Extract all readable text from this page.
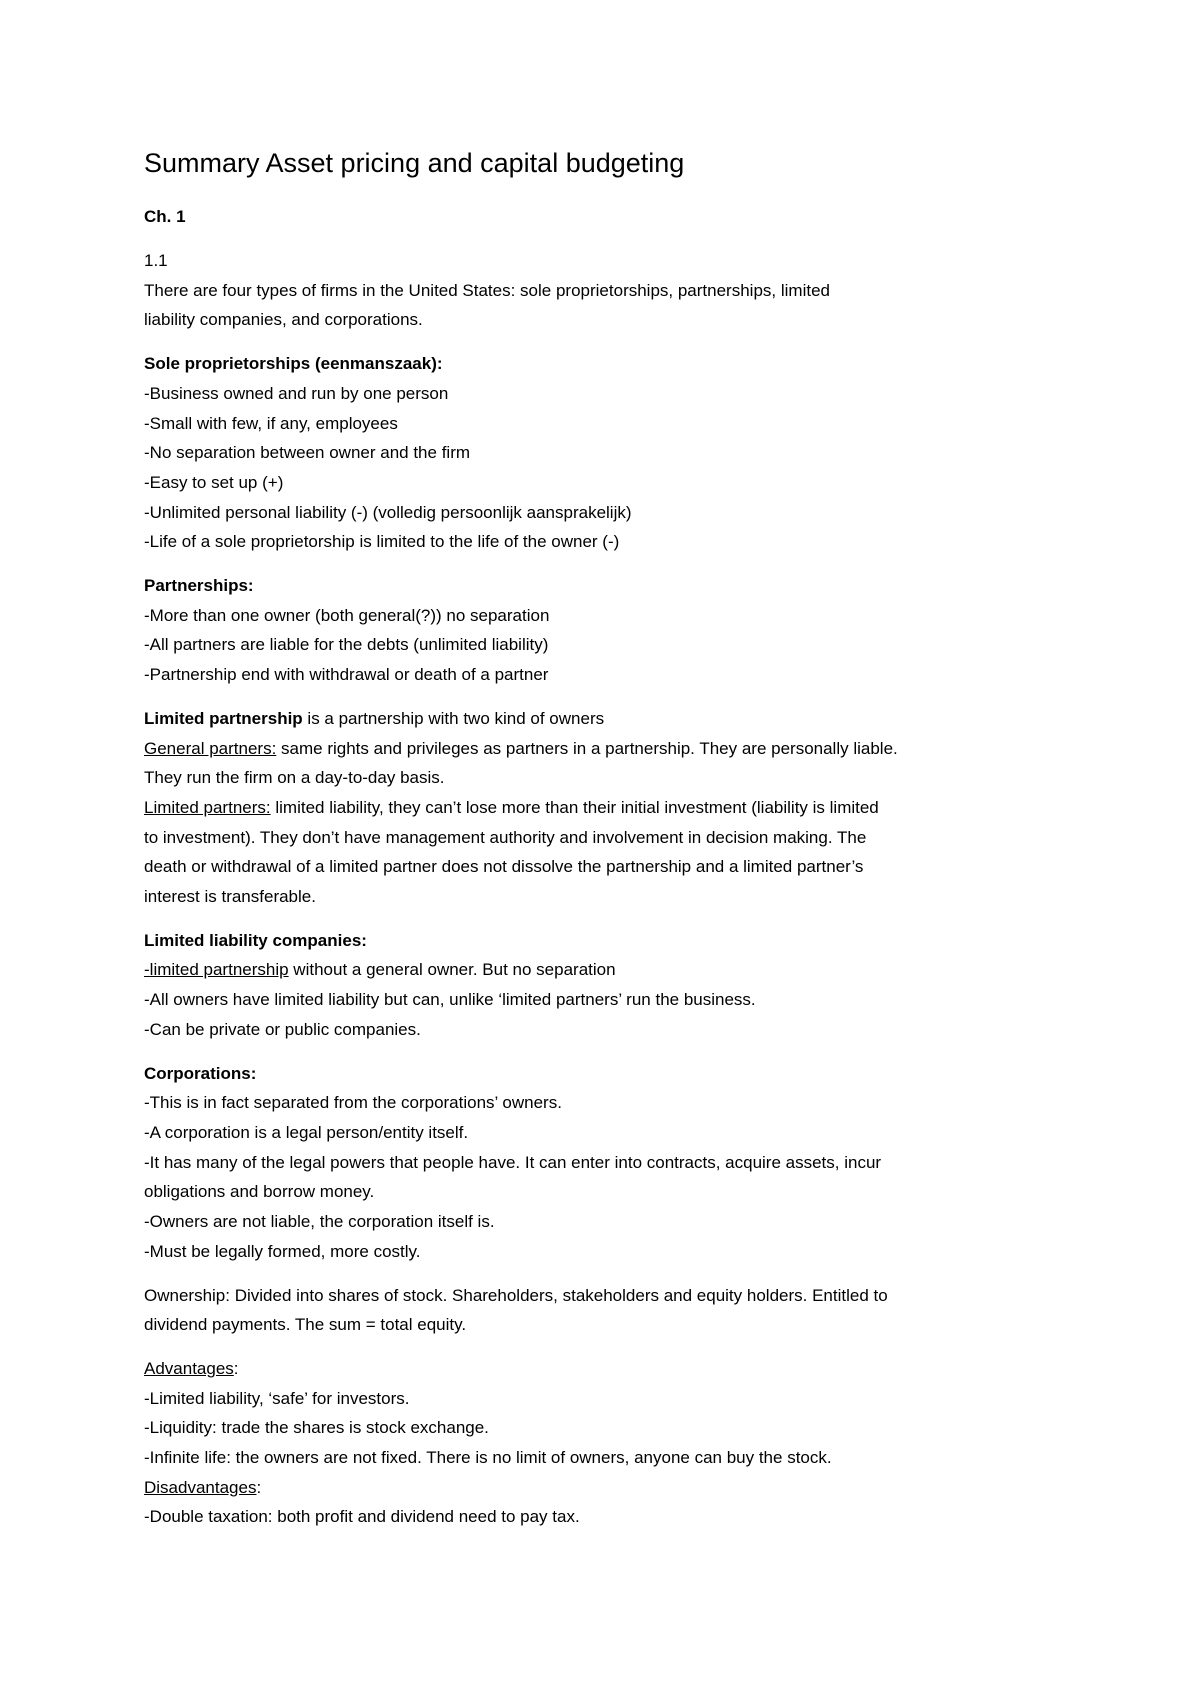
Summary Asset pricing and capital budgeting
Ch. 1
1.1
There are four types of firms in the United States: sole proprietorships, partnerships, limited
liability companies, and corporations.
Sole proprietorships (eenmanszaak):
-Business owned and run by one person
-Small with few, if any, employees
-No separation between owner and the firm
-Easy to set up (+)
-Unlimited personal liability (-) (volledig persoonlijk aansprakelijk)
-Life of a sole proprietorship is limited to the life of the owner (-)
Partnerships:
-More than one owner (both general(?)) no separation
-All partners are liable for the debts (unlimited liability)
-Partnership end with withdrawal or death of a partner
Limited partnership is a partnership with two kind of owners
General partners: same rights and privileges as partners in a partnership. They are personally liable.
They run the firm on a day-to-day basis.
Limited partners: limited liability, they can’t lose more than their initial investment (liability is limited
to investment). They don’t have management authority and involvement in decision making. The
death or withdrawal of a limited partner does not dissolve the partnership and a limited partner’s
interest is transferable.
Limited liability companies:
-limited partnership without a general owner. But no separation
-All owners have limited liability but can, unlike ‘limited partners’ run the business.
-Can be private or public companies.
Corporations:
-This is in fact separated from the corporations’ owners.
-A corporation is a legal person/entity itself.
-It has many of the legal powers that people have. It can enter into contracts, acquire assets, incur
obligations and borrow money.
-Owners are not liable, the corporation itself is.
-Must be legally formed, more costly.
Ownership: Divided into shares of stock. Shareholders, stakeholders and equity holders. Entitled to
dividend payments. The sum = total equity.
Advantages:
-Limited liability, ‘safe’ for investors.
-Liquidity: trade the shares is stock exchange.
-Infinite life: the owners are not fixed. There is no limit of owners, anyone can buy the stock.
Disadvantages:
-Double taxation: both profit and dividend need to pay tax.
